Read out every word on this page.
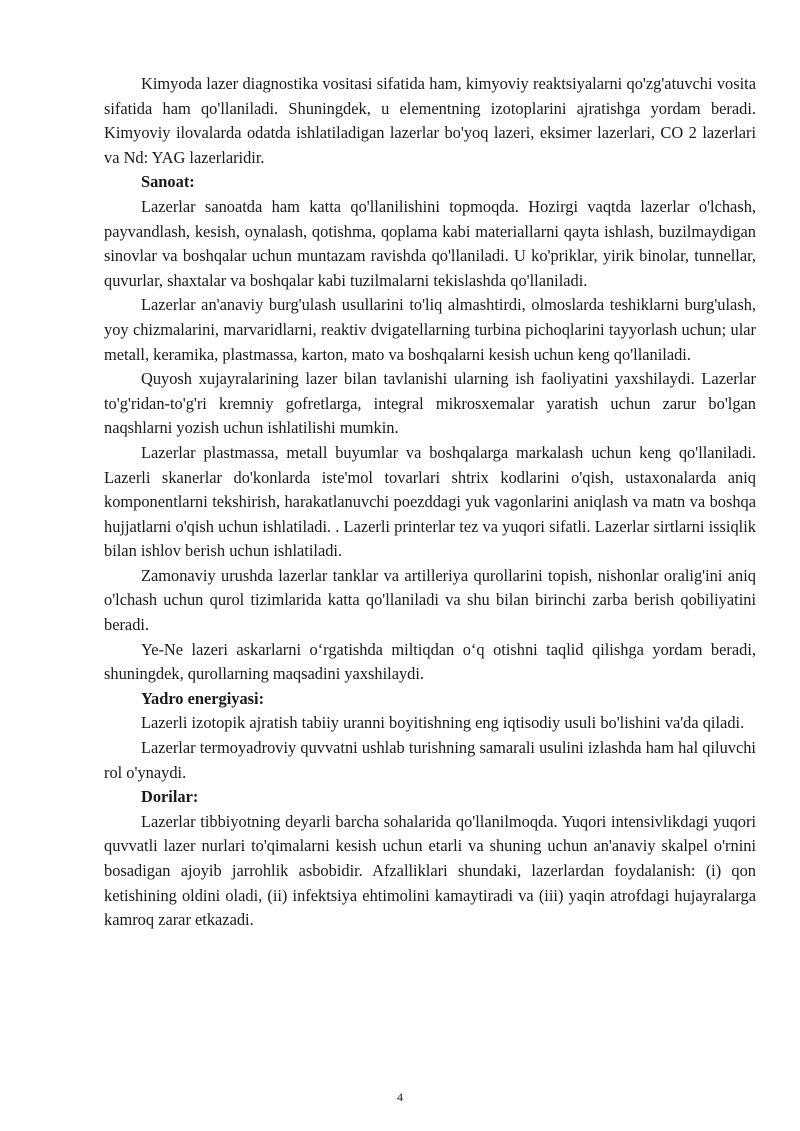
Kimyoda lazer diagnostika vositasi sifatida ham, kimyoviy reaktsiyalarni qo'zg'atuvchi vosita sifatida ham qo'llaniladi. Shuningdek, u elementning izotoplarini ajratishga yordam beradi. Kimyoviy ilovalarda odatda ishlatiladigan lazerlar bo'yoq lazeri, eksimer lazerlari, CO 2 lazerlari va Nd: YAG lazerlaridir.

Sanoat:

Lazerlar sanoatda ham katta qo'llanilishini topmoqda. Hozirgi vaqtda lazerlar o'lchash, payvandlash, kesish, oynalash, qotishma, qoplama kabi materiallarni qayta ishlash, buzilmaydigan sinovlar va boshqalar uchun muntazam ravishda qo'llaniladi. U ko'priklar, yirik binolar, tunnellar, quvurlar, shaxtalar va boshqalar kabi tuzilmalarni tekislashda qo'llaniladi.

Lazerlar an'anaviy burg'ulash usullarini to'liq almashtirdi, olmoslarda teshiklarni burg'ulash, yoy chizmalarini, marvaridlarni, reaktiv dvigatellarning turbina pichoqlarini tayyorlash uchun; ular metall, keramika, plastmassa, karton, mato va boshqalarni kesish uchun keng qo'llaniladi.

Quyosh xujayralarining lazer bilan tavlanishi ularning ish faoliyatini yaxshilaydi. Lazerlar to'g'ridan-to'g'ri kremniy gofretlarga, integral mikrosxemalar yaratish uchun zarur bo'lgan naqshlarni yozish uchun ishlatilishi mumkin.

Lazerlar plastmassa, metall buyumlar va boshqalarga markalash uchun keng qo'llaniladi. Lazerli skanerlar do'konlarda iste'mol tovarlari shtrix kodlarini o'qish, ustaxonalarda aniq komponentlarni tekshirish, harakatlanuvchi poezddagi yuk vagonlarini aniqlash va matn va boshqa hujjatlarni o'qish uchun ishlatiladi. . Lazerli printerlar tez va yuqori sifatli. Lazerlar sirtlarni issiqlik bilan ishlov berish uchun ishlatiladi.

Zamonaviy urushda lazerlar tanklar va artilleriya qurollarini topish, nishonlar oralig'ini aniq o'lchash uchun qurol tizimlarida katta qo'llaniladi va shu bilan birinchi zarba berish qobiliyatini beradi.

Ye-Ne lazeri askarlarni o‘rgatishda miltiqdan o‘q otishni taqlid qilishga yordam beradi, shuningdek, qurollarning maqsadini yaxshilaydi.

Yadro energiyasi:

Lazerli izotopik ajratish tabiiy uranni boyitishning eng iqtisodiy usuli bo'lishini va'da qiladi.

Lazerlar termoyadroviy quvvatni ushlab turishning samarali usulini izlashda ham hal qiluvchi rol o'ynaydi.

Dorilar:

Lazerlar tibbiyotning deyarli barcha sohalarida qo'llanilmoqda. Yuqori intensivlikdagi yuqori quvvatli lazer nurlari to'qimalarni kesish uchun etarli va shuning uchun an'anaviy skalpel o'rnini bosadigan ajoyib jarrohlik asbobidir. Afzalliklari shundaki, lazerlardan foydalanish: (i) qon ketishining oldini oladi, (ii) infektsiya ehtimolini kamaytiradi va (iii) yaqin atrofdagi hujayralarga kamroq zarar etkazadi.

4
